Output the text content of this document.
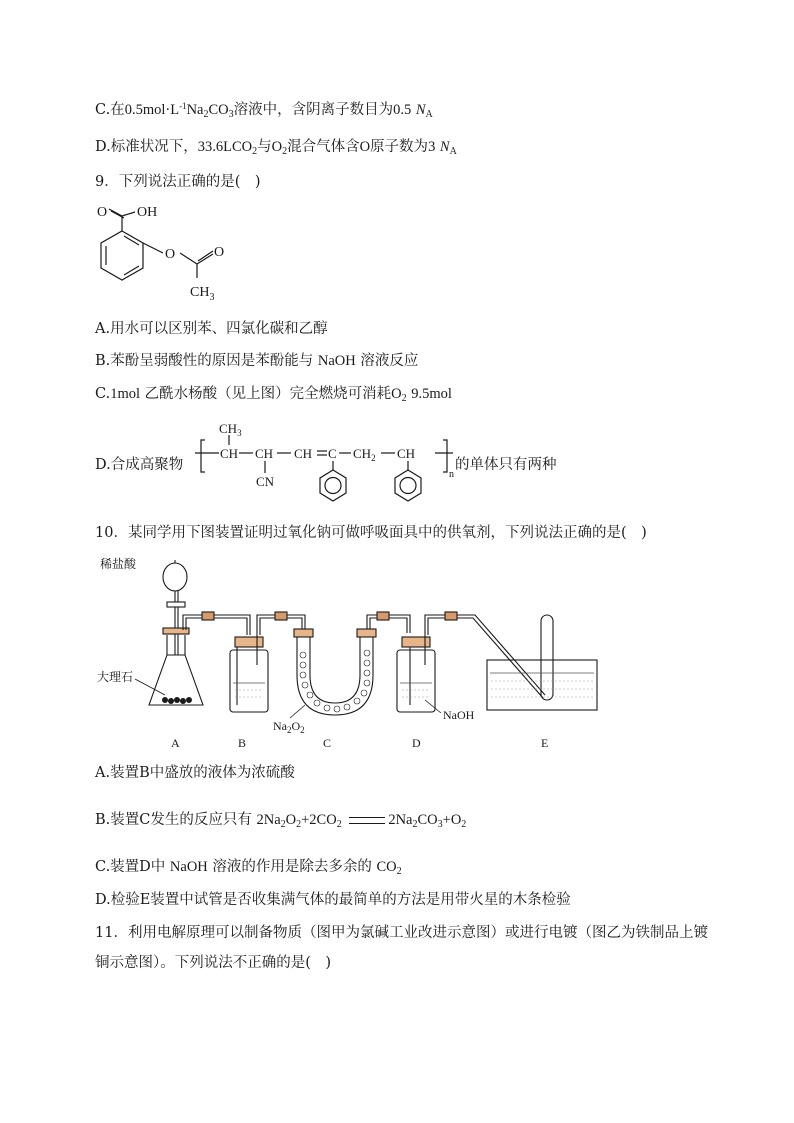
C.在$0.5mol\cdot L^{-1}Na_2CO_3$溶液中，含阴离子数目为0.5 $N_A$
D.标准状况下，$33.6LCO_2$与$O_2$混合气体含O原子数为3 $N_A$
9．下列说法正确的是(　)
O OH
O	O
$CH_3$
A.用水可以区别苯、四氯化碳和乙醇
B.苯酚呈弱酸性的原因是苯酚能与 NaOH 溶液反应
C.1mol 乙酰水杨酸（见上图）完全燃烧可消耗$O_2$ 9.5mol
D.合成高聚物
$CH_3$
CH CH CH C $CH_2$ CH
CN	n
的单体只有两种
10．某同学用下图装置证明过氧化钠可做呼吸面具中的供氧剂，下列说法正确的是(　)
稀盐酸
大理石
$Na_2O_2$
NaOH
A	B	C	D	E
A.装置B中盛放的液体为浓硫酸
B.装置C发生的反应只有 $2Na_2O_2+2CO_2$	$2Na_2CO_3+O_2$
C.装置D中 NaOH 溶液的作用是除去多余的 $CO_2$
D.检验E装置中试管是否收集满气体的最简单的方法是用带火星的木条检验
11．利用电解原理可以制备物质（图甲为氯碱工业改进示意图）或进行电镀（图乙为铁制品上镀铜示意图）。下列说法不正确的是(　)
